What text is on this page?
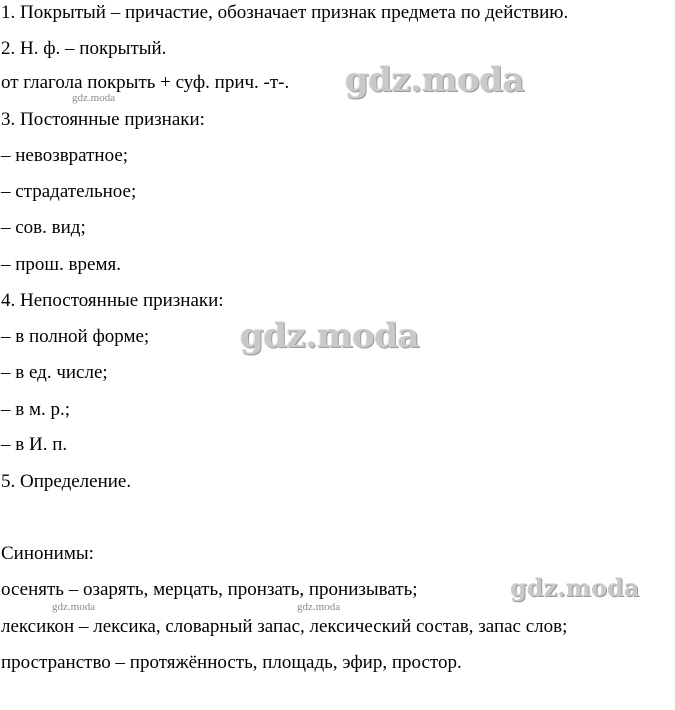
1. Покрытый – причастие, обозначает признак предмета по действию.
2. Н. ф. – покрытый.
от глагола покрыть + суф. прич. -т-.
3. Постоянные признаки:
– невозвратное;
– страдательное;
– сов. вид;
– прош. время.
4. Непостоянные признаки:
– в полной форме;
– в ед. числе;
– в м. р.;
– в И. п.
5. Определение.
Синонимы:
осенять – озарять, мерцать, пронзать, пронизывать;
лексикон – лексика, словарный запас, лексический состав, запас слов;
пространство – протяжённость, площадь, эфир, простор.
gdz.moda
gdz.moda
gdz.moda
gdz.moda
gdz.moda	gdz.moda
